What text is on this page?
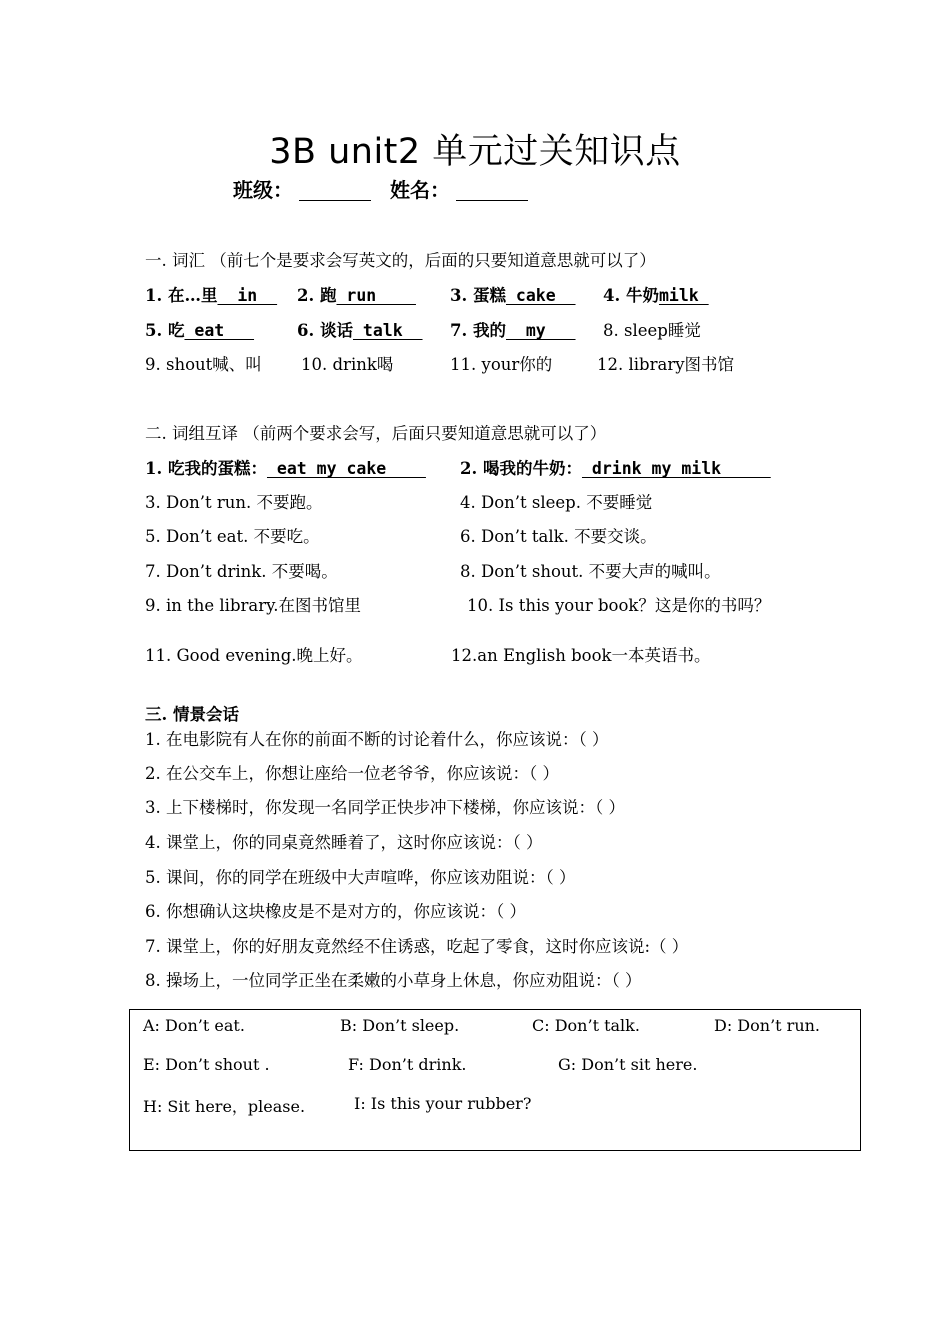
3B unit2 单元过关知识点
班级：	姓名：
一. 词汇 （前七个是要求会写英文的，后面的只要知道意思就可以了）
1. 在…里  in 2. 跑 run 3. 蛋糕 cake 4. 牛奶milk
5. 吃 eat	6. 谈话 talk 7. 我的  my 8. sleep睡觉
9. shout喊、叫 10. drink喝	11. your你的	12. library图书馆
二. 词组互译 （前两个要求会写，后面只要知道意思就可以了）
1. 吃我的蛋糕： eat my cake 2. 喝我的牛奶： drink my milk
3. Don’t run. 不要跑。	4. Don’t sleep. 不要睡觉
5. Don’t eat. 不要吃。	6. Don’t talk. 不要交谈。
7. Don’t drink. 不要喝。	8. Don’t shout. 不要大声的喊叫。
9. in the library.在图书馆里	10. Is this your book？这是你的书吗？
11. Good evening.晚上好。	12.an English book一本英语书。
三. 情景会话
1. 在电影院有人在你的前面不断的讨论着什么，你应该说：（ ）
2. 在公交车上，你想让座给一位老爷爷，你应该说：（ ）
3. 上下楼梯时，你发现一名同学正快步冲下楼梯，你应该说：（ ）
4. 课堂上，你的同桌竟然睡着了，这时你应该说：（ ）
5. 课间，你的同学在班级中大声喧哗，你应该劝阻说：（ ）
6. 你想确认这块橡皮是不是对方的，你应该说：（ ）
7. 课堂上，你的好朋友竟然经不住诱惑，吃起了零食，这时你应该说:（ ）
8. 操场上，一位同学正坐在柔嫩的小草身上休息，你应劝阻说：（ ）
A: Don’t eat.	B: Don’t sleep.	C: Don’t talk.	D: Don’t run.
E: Don’t shout .	F: Don’t drink.	G: Don’t sit here.
H: Sit here，please.	I: Is this your rubber?
